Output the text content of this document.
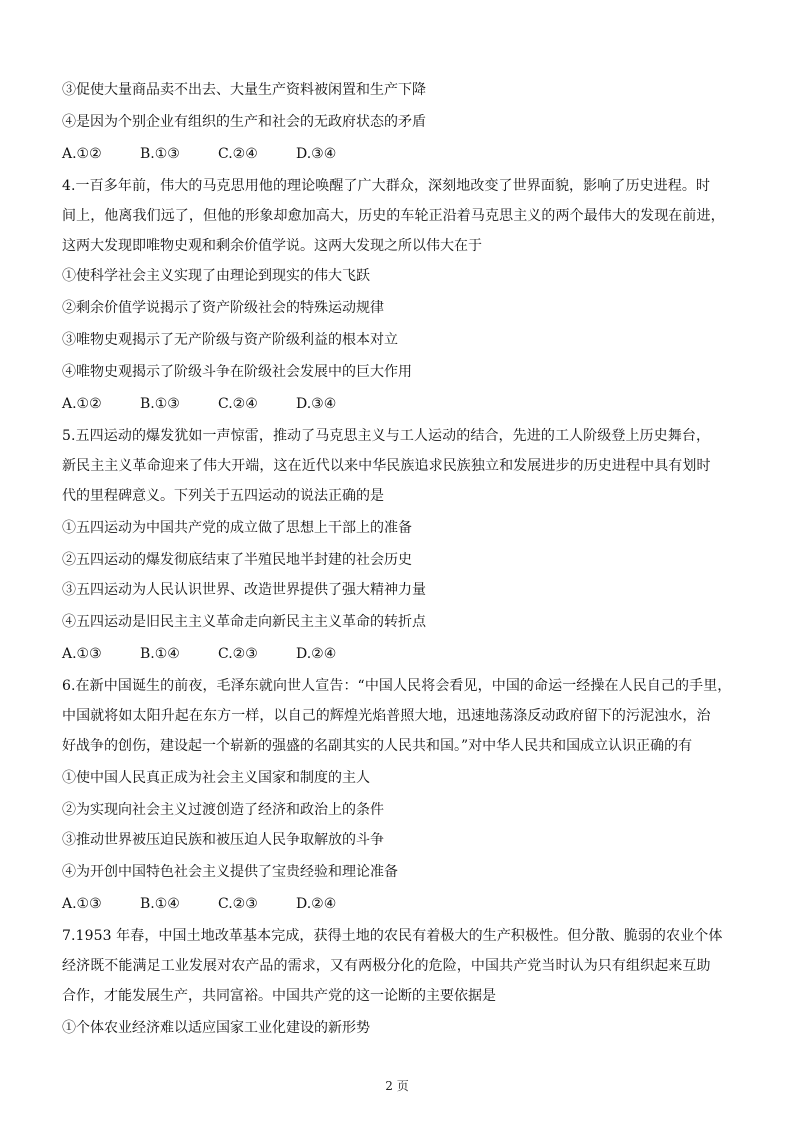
③促使大量商品卖不出去、大量生产资料被闲置和生产下降
④是因为个别企业有组织的生产和社会的无政府状态的矛盾
A.①②	B.①③	C.②④	D.③④
4.一百多年前，伟大的马克思用他的理论唤醒了广大群众，深刻地改变了世界面貌，影响了历史进程。时
间上，他离我们远了，但他的形象却愈加高大，历史的车轮正沿着马克思主义的两个最伟大的发现在前进，
这两大发现即唯物史观和剩余价值学说。这两大发现之所以伟大在于
①使科学社会主义实现了由理论到现实的伟大飞跃
②剩余价值学说揭示了资产阶级社会的特殊运动规律
③唯物史观揭示了无产阶级与资产阶级利益的根本对立
④唯物史观揭示了阶级斗争在阶级社会发展中的巨大作用
A.①②	B.①③	C.②④	D.③④
5.五四运动的爆发犹如一声惊雷，推动了马克思主义与工人运动的结合，先进的工人阶级登上历史舞台，
新民主主义革命迎来了伟大开端，这在近代以来中华民族追求民族独立和发展进步的历史进程中具有划时
代的里程碑意义。下列关于五四运动的说法正确的是
①五四运动为中国共产党的成立做了思想上干部上的准备
②五四运动的爆发彻底结束了半殖民地半封建的社会历史
③五四运动为人民认识世界、改造世界提供了强大精神力量
④五四运动是旧民主主义革命走向新民主主义革命的转折点
A.①③	B.①④	C.②③	D.②④
6.在新中国诞生的前夜，毛泽东就向世人宣告：“中国人民将会看见，中国的命运一经操在人民自己的手里，
中国就将如太阳升起在东方一样，以自己的辉煌光焰普照大地，迅速地荡涤反动政府留下的污泥浊水，治
好战争的创伤，建设起一个崭新的强盛的名副其实的人民共和国。”对中华人民共和国成立认识正确的有
①使中国人民真正成为社会主义国家和制度的主人
②为实现向社会主义过渡创造了经济和政治上的条件
③推动世界被压迫民族和被压迫人民争取解放的斗争
④为开创中国特色社会主义提供了宝贵经验和理论准备
A.①③	B.①④	C.②③	D.②④
7.1953 年春，中国土地改革基本完成，获得土地的农民有着极大的生产积极性。但分散、脆弱的农业个体
经济既不能满足工业发展对农产品的需求，又有两极分化的危险，中国共产党当时认为只有组织起来互助
合作，才能发展生产，共同富裕。中国共产党的这一论断的主要依据是
①个体农业经济难以适应国家工业化建设的新形势
2 页
